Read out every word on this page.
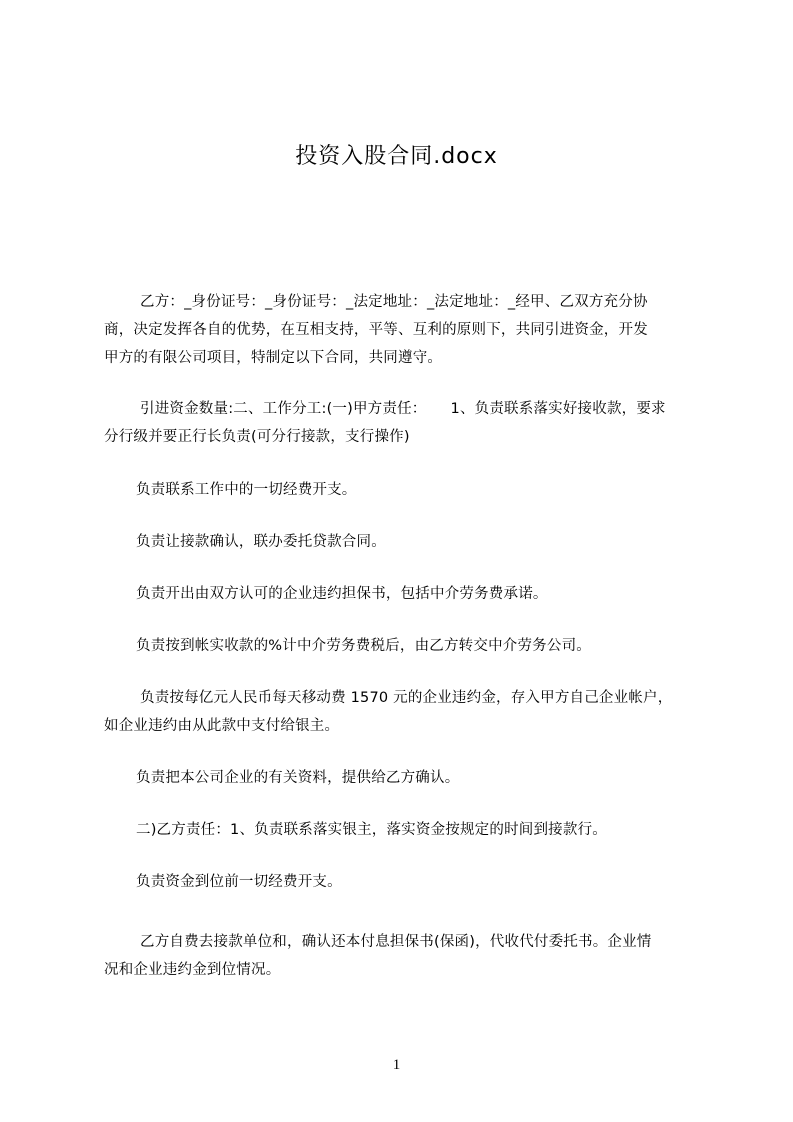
投资入股合同.docx

乙方：_身份证号：_身份证号：_法定地址：_法定地址：_经甲、乙双方充分协
商，决定发挥各自的优势，在互相支持，平等、互利的原则下，共同引进资金，开发
甲方的有限公司项目，特制定以下合同，共同遵守。

引进资金数量:二、工作分工:(一)甲方责任：     1、负责联系落实好接收款，要求
分行级并要正行长负责(可分行接款，支行操作)

负责联系工作中的一切经费开支。

负责让接款确认，联办委托贷款合同。

负责开出由双方认可的企业违约担保书，包括中介劳务费承诺。

负责按到帐实收款的%计中介劳务费税后，由乙方转交中介劳务公司。

负责按每亿元人民币每天移动费 1570 元的企业违约金，存入甲方自己企业帐户，
如企业违约由从此款中支付给银主。

负责把本公司企业的有关资料，提供给乙方确认。

二)乙方责任：1、负责联系落实银主，落实资金按规定的时间到接款行。

负责资金到位前一切经费开支。

乙方自费去接款单位和，确认还本付息担保书(保函)，代收代付委托书。企业情
况和企业违约金到位情况。

1
